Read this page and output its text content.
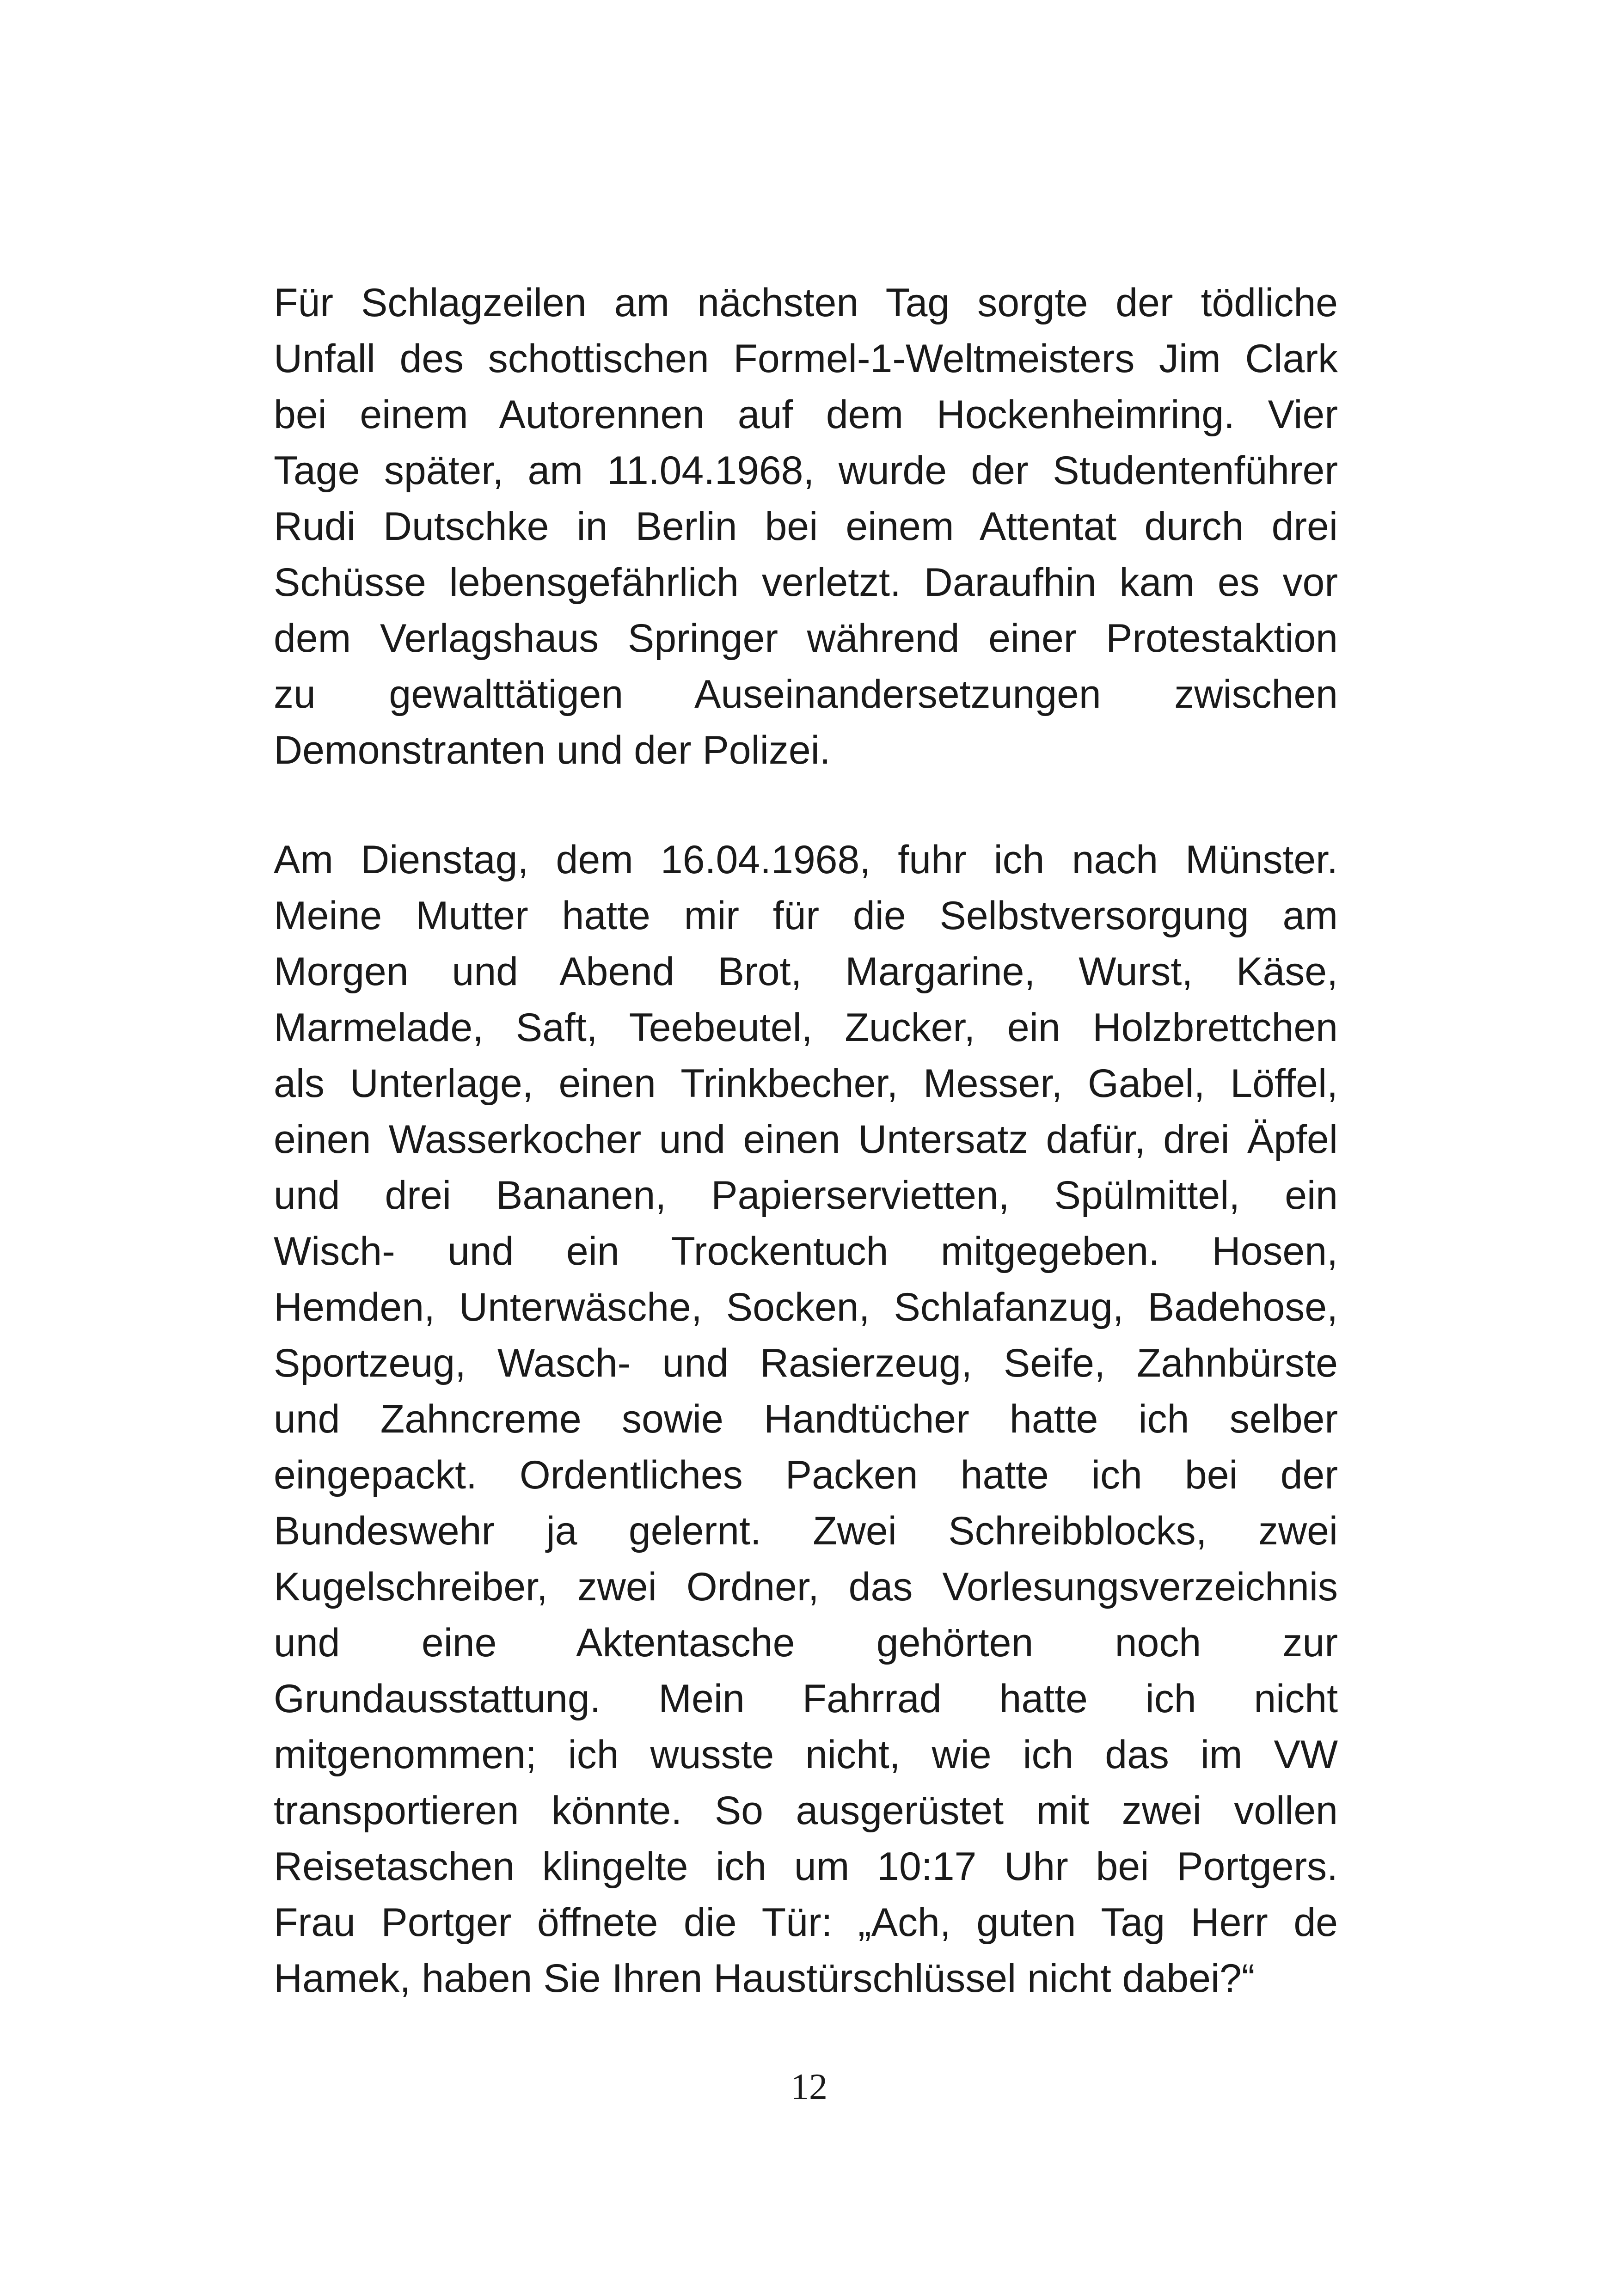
Für Schlagzeilen am nächsten Tag sorgte der tödliche
Unfall des schottischen Formel-1-Weltmeisters Jim Clark
bei einem Autorennen auf dem Hockenheimring. Vier
Tage später, am 11.04.1968, wurde der Studentenführer
Rudi Dutschke in Berlin bei einem Attentat durch drei
Schüsse lebensgefährlich verletzt. Daraufhin kam es vor
dem Verlagshaus Springer während einer Protestaktion
zu gewalttätigen Auseinandersetzungen zwischen
Demonstranten und der Polizei.
Am Dienstag, dem 16.04.1968, fuhr ich nach Münster.
Meine Mutter hatte mir für die Selbstversorgung am
Morgen und Abend Brot, Margarine, Wurst, Käse,
Marmelade, Saft, Teebeutel, Zucker, ein Holzbrettchen
als Unterlage, einen Trinkbecher, Messer, Gabel, Löffel,
einen Wasserkocher und einen Untersatz dafür, drei Äpfel
und drei Bananen, Papierservietten, Spülmittel, ein
Wisch- und ein Trockentuch mitgegeben. Hosen,
Hemden, Unterwäsche, Socken, Schlafanzug, Badehose,
Sportzeug, Wasch- und Rasierzeug, Seife, Zahnbürste
und Zahncreme sowie Handtücher hatte ich selber
eingepackt. Ordentliches Packen hatte ich bei der
Bundeswehr ja gelernt. Zwei Schreibblocks, zwei
Kugelschreiber, zwei Ordner, das Vorlesungsverzeichnis
und eine Aktentasche gehörten noch zur
Grundausstattung. Mein Fahrrad hatte ich nicht
mitgenommen; ich wusste nicht, wie ich das im VW
transportieren könnte. So ausgerüstet mit zwei vollen
Reisetaschen klingelte ich um 10:17 Uhr bei Portgers.
Frau Portger öffnete die Tür: „Ach, guten Tag Herr de
Hamek, haben Sie Ihren Haustürschlüssel nicht dabei?“
12
